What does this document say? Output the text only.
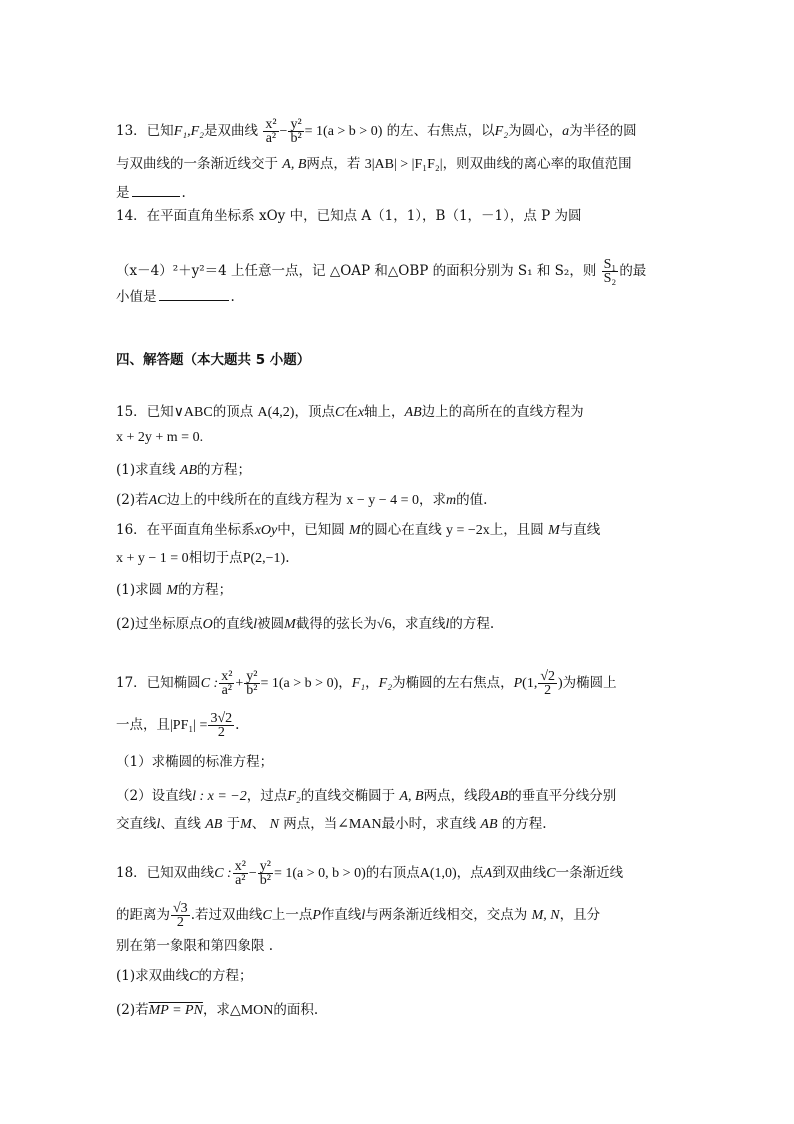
13．已知F₁,F₂是双曲线 $\frac{\text{x²}}{\text{a²}} - \frac{\text{y²}}{\text{b²}} = 1(a > b > 0)$ 的左、右焦点，以F₂为圆心，a为半径的圆
与双曲线的一条渐近线交于 A, B两点，若 3|AB| > |F₁F₂|，则双曲线的离心率的取值范围
是	.
14．在平面直角坐标系 xOy 中，已知点 A（1，1），B（1，－1），点 P 为圆
（x－4）²＋y²＝4 上任意一点，记 △OAP 和△OBP 的面积分别为 S₁ 和 S₂，则 $\frac{\text{S₁}}{\text{S₂}}$ 的最
小值是	.
四、解答题（本大题共 5 小题）
15．已知∨ABC的顶点 A(4,2)，顶点C在x轴上，AB边上的高所在的直线方程为
x + 2y + m = 0.
(1)求直线 AB的方程；
(2)若AC边上的中线所在的直线方程为 x − y − 4 = 0，求m的值.
16．在平面直角坐标系xOy中，已知圆 M的圆心在直线 y = −2x上，且圆 M与直线
x + y − 1 = 0相切于点P(2,−1).
(1)求圆 M的方程；
(2)过坐标原点O的直线l被圆M截得的弦长为√6，求直线l的方程.
17．已知椭圆C : $\frac{\text{x²}}{\text{a²}} + \frac{\text{y²}}{\text{b²}} = 1(a > b > 0)$，F₁，F₂为椭圆的左右焦点，P(1, $\frac{√2}{2}$ )为椭圆上
一点，且$|PF_1| = \frac{3√2}{2}$ .
（1）求椭圆的标准方程；
（2）设直线l : x = −2，过点F₂的直线交椭圆于 A, B两点，线段AB的垂直平分线分别
交直线l、直线 AB 于M、 N 两点，当∠MAN最小时，求直线 AB 的方程.
18．已知双曲线C : $\frac{\text{x²}}{\text{a²}} - \frac{\text{y²}}{\text{b²}} = 1(a > 0$, b > 0)的右顶点A(1,0)，点A到双曲线C一条渐近线
的距离为 $\frac{√3}{2}$ .若过双曲线C上一点P作直线l与两条渐近线相交，交点为 M, N，且分
别在第一象限和第四象限 .
(1)求双曲线C的方程；
(2)若MP = PN，求△MON的面积.
